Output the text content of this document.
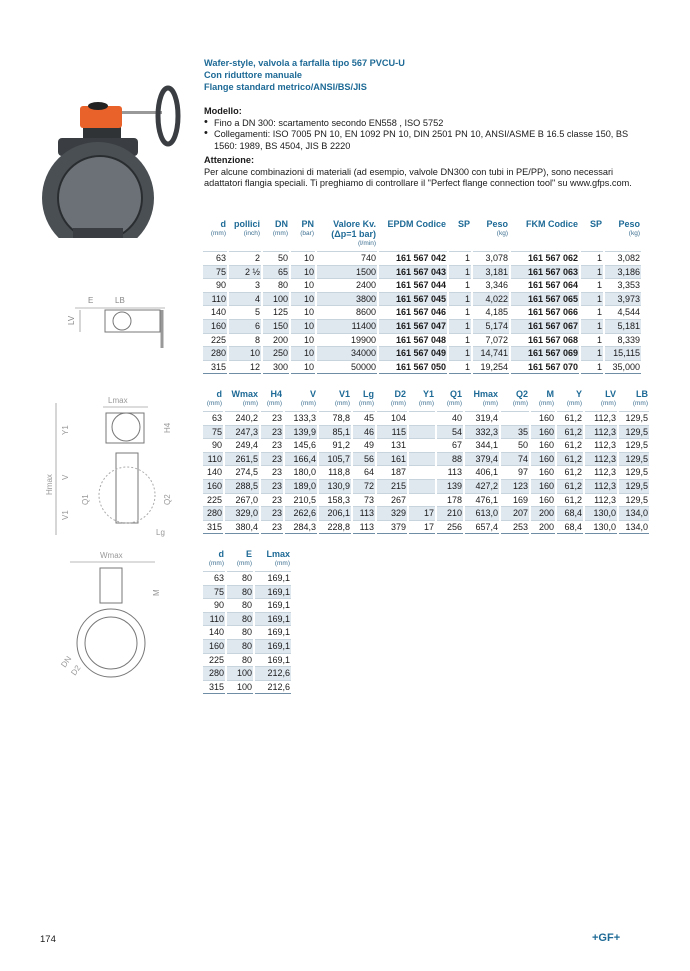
Wafer-style, valvola a farfalla tipo 567 PVCU-U
Con riduttore manuale
Flange standard metrico/ANSI/BS/JIS
Modello:
• Fino a DN 300: scartamento secondo EN558 , ISO 5752
• Collegamenti: ISO 7005 PN 10, EN 1092 PN 10, DIN 2501 PN 10, ANSI/ASME B 16.5 classe 150, BS 1560: 1989, BS 4504, JIS B 2220
Attenzione:

Per alcune combinazioni di materiali (ad esempio, valvole DN300 con tubi in PE/PP), sono necessari adattatori flangia speciali. Ti preghiamo di controllare il "Perfect flange connection tool" su www.gfps.com.

E	LB
LV
Lmax
Y1	H4
V
Hmax
Q1	Q2
V1
Lg
Wmax
M
DN
D2
d
(mm)	pollici
(inch)	DN
(mm)	PN
(bar)	Valore Kv. (Δp=1 bar)
(l/min)	EPDM Codice	SP	Peso
(kg)	FKM Codice	SP	Peso
(kg)

63	2	50	10	740	161 567 042	1	3,078	161 567 062	1	3,082
75	2 ½	65	10	1500	161 567 043	1	3,181	161 567 063	1	3,186
90	3	80	10	2400	161 567 044	1	3,346	161 567 064	1	3,353
110	4	100	10	3800	161 567 045	1	4,022	161 567 065	1	3,973
140	5	125	10	8600	161 567 046	1	4,185	161 567 066	1	4,544
160	6	150	10	11400	161 567 047	1	5,174	161 567 067	1	5,181
225	8	200	10	19900	161 567 048	1	7,072	161 567 068	1	8,339
280	10	250	10	34000	161 567 049	1	14,741	161 567 069	1	15,115
315	12	300	10	50000	161 567 050	1	19,254	161 567 070	1	35,000
d
(mm)	Wmax
(mm)	H4
(mm)	V
(mm)	V1
(mm)	Lg
(mm)	D2
(mm)	Y1
(mm)	Q1
(mm)	Hmax
(mm)	Q2
(mm)	M
(mm)	Y
(mm)	LV
(mm)	LB
(mm)

63	240,2	23	133,3	78,8	45	104		40	319,4		160	61,2	112,3	129,5
75	247,3	23	139,9	85,1	46	115		54	332,3	35	160	61,2	112,3	129,5
90	249,4	23	145,6	91,2	49	131		67	344,1	50	160	61,2	112,3	129,5
110	261,5	23	166,4	105,7	56	161		88	379,4	74	160	61,2	112,3	129,5
140	274,5	23	180,0	118,8	64	187		113	406,1	97	160	61,2	112,3	129,5
160	288,5	23	189,0	130,9	72	215		139	427,2	123	160	61,2	112,3	129,5
225	267,0	23	210,5	158,3	73	267		178	476,1	169	160	61,2	112,3	129,5
280	329,0	23	262,6	206,1	113	329	17	210	613,0	207	200	68,4	130,0	134,0
315	380,4	23	284,3	228,8	113	379	17	256	657,4	253	200	68,4	130,0	134,0
d
(mm)	E
(mm)	Lmax
(mm)

63	80	169,1
75	80	169,1
90	80	169,1
110	80	169,1
140	80	169,1
160	80	169,1
225	80	169,1
280	100	212,6
315	100	212,6
174	+GF+
